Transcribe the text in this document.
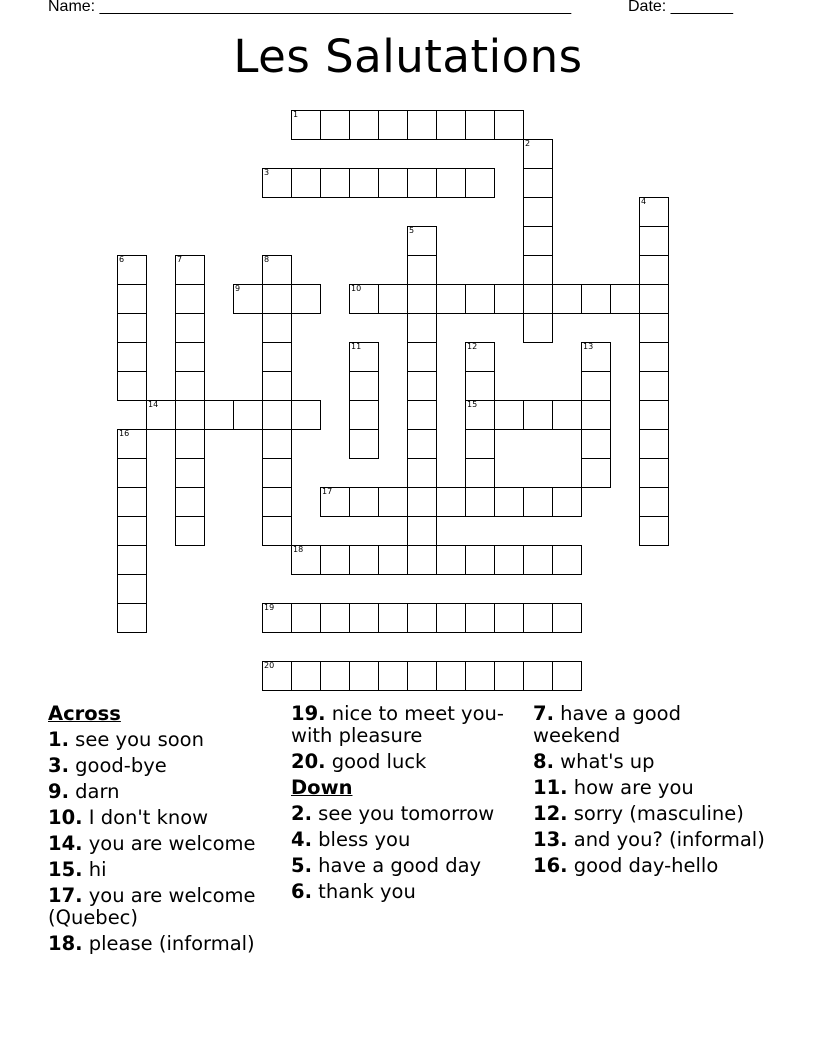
Name: _____________________________________________________	Date: _______
Les Salutations
1
2
3
4
5
6	7	8
9	10
11	12
15
13
14
16
17
18
19
20
Across
1. see you soon
3. good-bye
9. darn
10. I don't know
14. you are welcome
15. hi
17. you are welcome (Quebec)
18. please (informal)
19. nice to meet you-with pleasure
20. good luck
Down
2. see you tomorrow
4. bless you
5. have a good day
6. thank you
7. have a good weekend
8. what's up
11. how are you
12. sorry (masculine)
13. and you? (informal)
16. good day-hello
